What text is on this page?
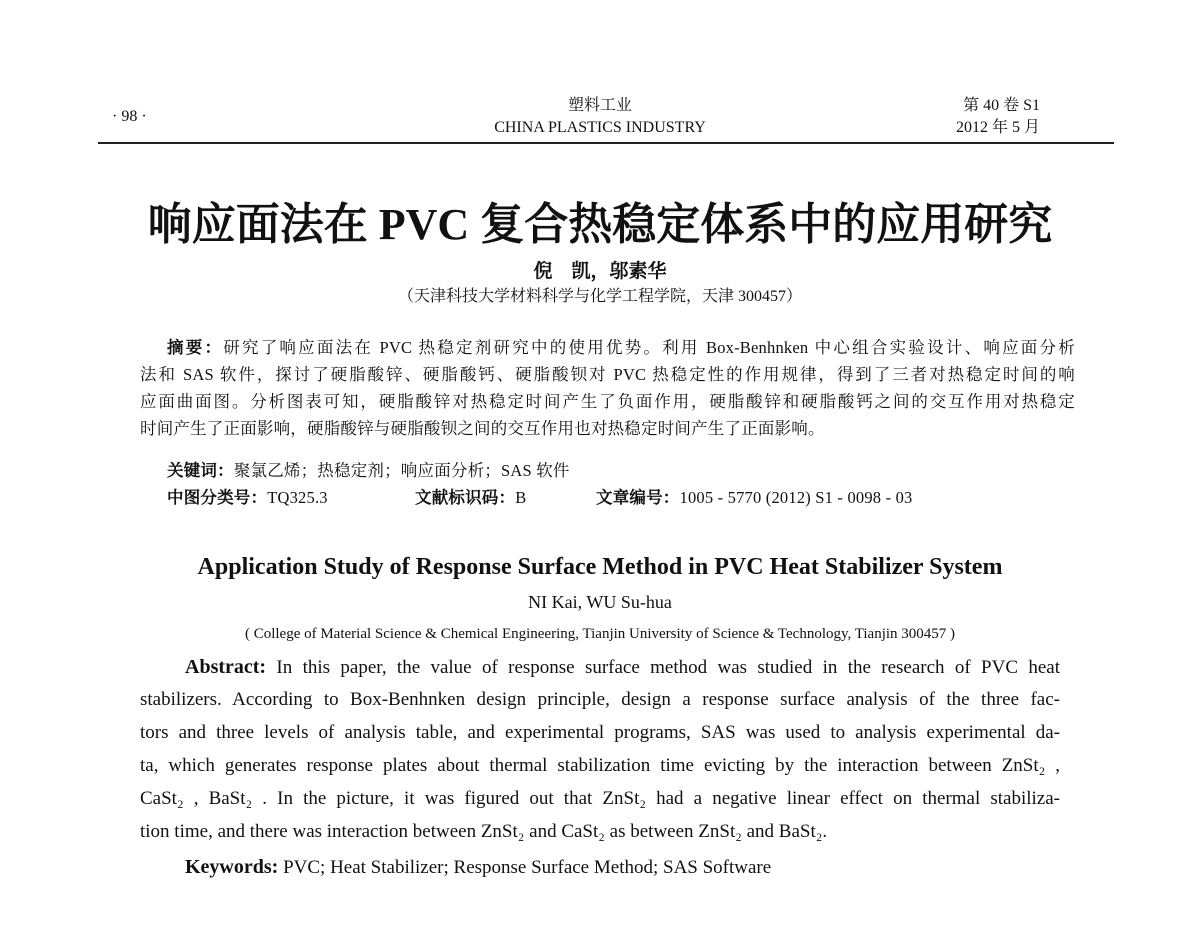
· 98 ·
塑料工业
CHINA PLASTICS INDUSTRY
第 40 卷 S1
2012 年 5 月
响应面法在 PVC 复合热稳定体系中的应用研究
倪　凯，邬素华
（天津科技大学材料科学与化学工程学院，天津 300457）
摘要：研究了响应面法在 PVC 热稳定剂研究中的使用优势。利用 Box-Benhnken 中心组合实验设计、响应面分析
法和 SAS 软件，探讨了硬脂酸锌、硬脂酸钙、硬脂酸钡对 PVC 热稳定性的作用规律，得到了三者对热稳定时间的响
应面曲面图。分析图表可知，硬脂酸锌对热稳定时间产生了负面作用，硬脂酸锌和硬脂酸钙之间的交互作用对热稳定
时间产生了正面影响，硬脂酸锌与硬脂酸钡之间的交互作用也对热稳定时间产生了正面影响。
关键词：聚氯乙烯；热稳定剂；响应面分析；SAS 软件
中图分类号：TQ325.3	文献标识码：B	文章编号：1005 - 5770 (2012) S1 - 0098 - 03
Application Study of Response Surface Method in PVC Heat Stabilizer System
NI Kai, WU Su-hua
( College of Material Science & Chemical Engineering, Tianjin University of Science & Technology, Tianjin 300457 )
Abstract: In this paper, the value of response surface method was studied in the research of PVC heat
stabilizers. According to Box-Benhnken design principle, design a response surface analysis of the three fac-
tors and three levels of analysis table, and experimental programs, SAS was used to analysis experimental da-
ta, which generates response plates about thermal stabilization time evicting by the interaction between ZnSt₂ ,
CaSt₂ , BaSt₂ . In the picture, it was figured out that ZnSt₂ had a negative linear effect on thermal stabiliza-
tion time, and there was interaction between ZnSt₂ and CaSt₂ as between ZnSt₂ and BaSt₂.
Keywords: PVC; Heat Stabilizer; Response Surface Method; SAS Software
